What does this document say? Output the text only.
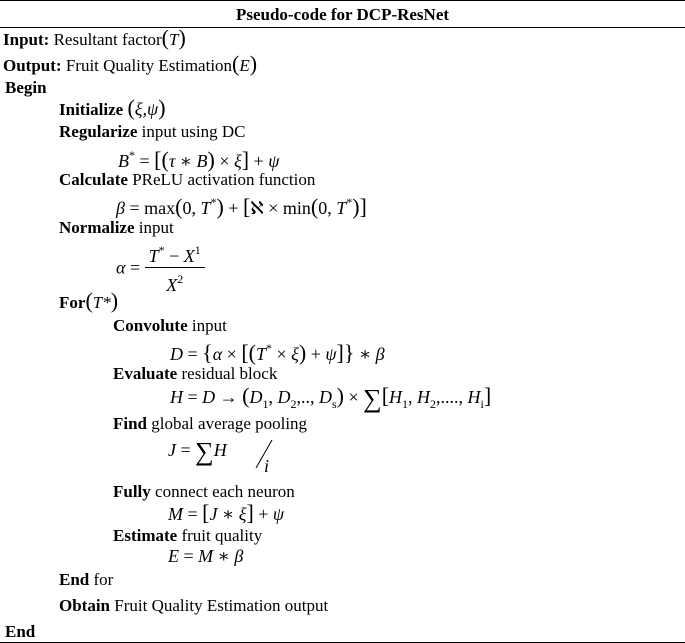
Pseudo-code for DCP-ResNet
Input: Resultant factor(T)
Output: Fruit Quality Estimation(E)
Begin
Initialize (ξ,ψ)
Regularize input using DC
B* = [(τ ∗ B) × ξ] + ψ
Calculate PReLU activation function
β = max(0, T*) + [ℵ × min(0, T*)]
Normalize input
$\alpha = \frac{T^* - X^1}{X^2}$
For(T*)
Convolute input
D = {α × [(T* × ξ) + ψ]} ∗ β
Evaluate residual block
$H = D \to (D_1$, $D_2$,.., $D_s) \times \sum[H_1$, $H_2$,...., $H_i$]
Find global average pooling
J = ∑H
i
Fully connect each neuron
M = [J ∗ ξ] + ψ
Estimate fruit quality
E = M ∗ β
End for
Obtain Fruit Quality Estimation output
End
